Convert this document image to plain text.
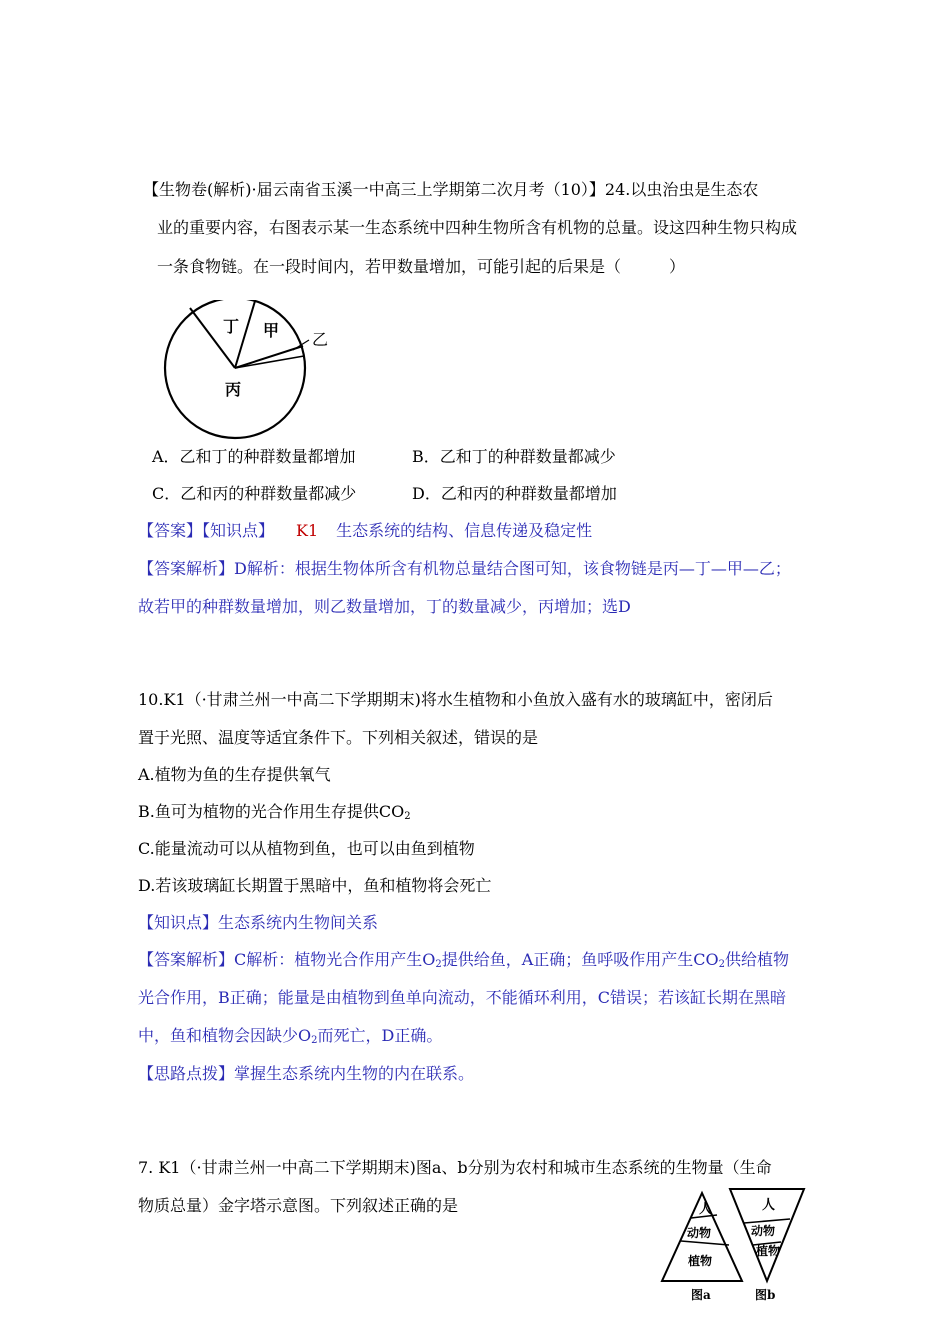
【生物卷(解析)·届云南省玉溪一中高三上学期第二次月考（10）】24.以虫治虫是生态农
业的重要内容，右图表示某一生态系统中四种生物所含有机物的总量。设这四种生物只构成
一条食物链。在一段时间内，若甲数量增加，可能引起的后果是（　　　）
丁 甲 乙
丙
A．乙和丁的种群数量都增加	B．乙和丁的种群数量都减少
C．乙和丙的种群数量都减少	D．乙和丙的种群数量都增加
【答案】【知识点】 K1 生态系统的结构、信息传递及稳定性
【答案解析】D解析：根据生物体所含有机物总量结合图可知，该食物链是丙—丁—甲—乙；
故若甲的种群数量增加，则乙数量增加，丁的数量减少，丙增加；选D
10.K1（·甘肃兰州一中高二下学期期末)将水生植物和小鱼放入盛有水的玻璃缸中，密闭后
置于光照、温度等适宜条件下。下列相关叙述，错误的是
A.植物为鱼的生存提供氧气
B.鱼可为植物的光合作用生存提供$CO_2$
C.能量流动可以从植物到鱼，也可以由鱼到植物
D.若该玻璃缸长期置于黑暗中，鱼和植物将会死亡
【知识点】生态系统内生物间关系
【答案解析】C解析：植物光合作用产生$O_2$提供给鱼，A正确；鱼呼吸作用产生$CO_2$供给植物
光合作用，B正确；能量是由植物到鱼单向流动，不能循环利用，C错误；若该缸长期在黑暗
中，鱼和植物会因缺少$O_2$而死亡，D正确。
【思路点拨】掌握生态系统内生物的内在联系。
7. K1（·甘肃兰州一中高二下学期期末)图a、b分别为农村和城市生态系统的生物量（生命
物质总量）金字塔示意图。下列叙述正确的是	人
动物
植物
图a
人
动物
植物
图b
